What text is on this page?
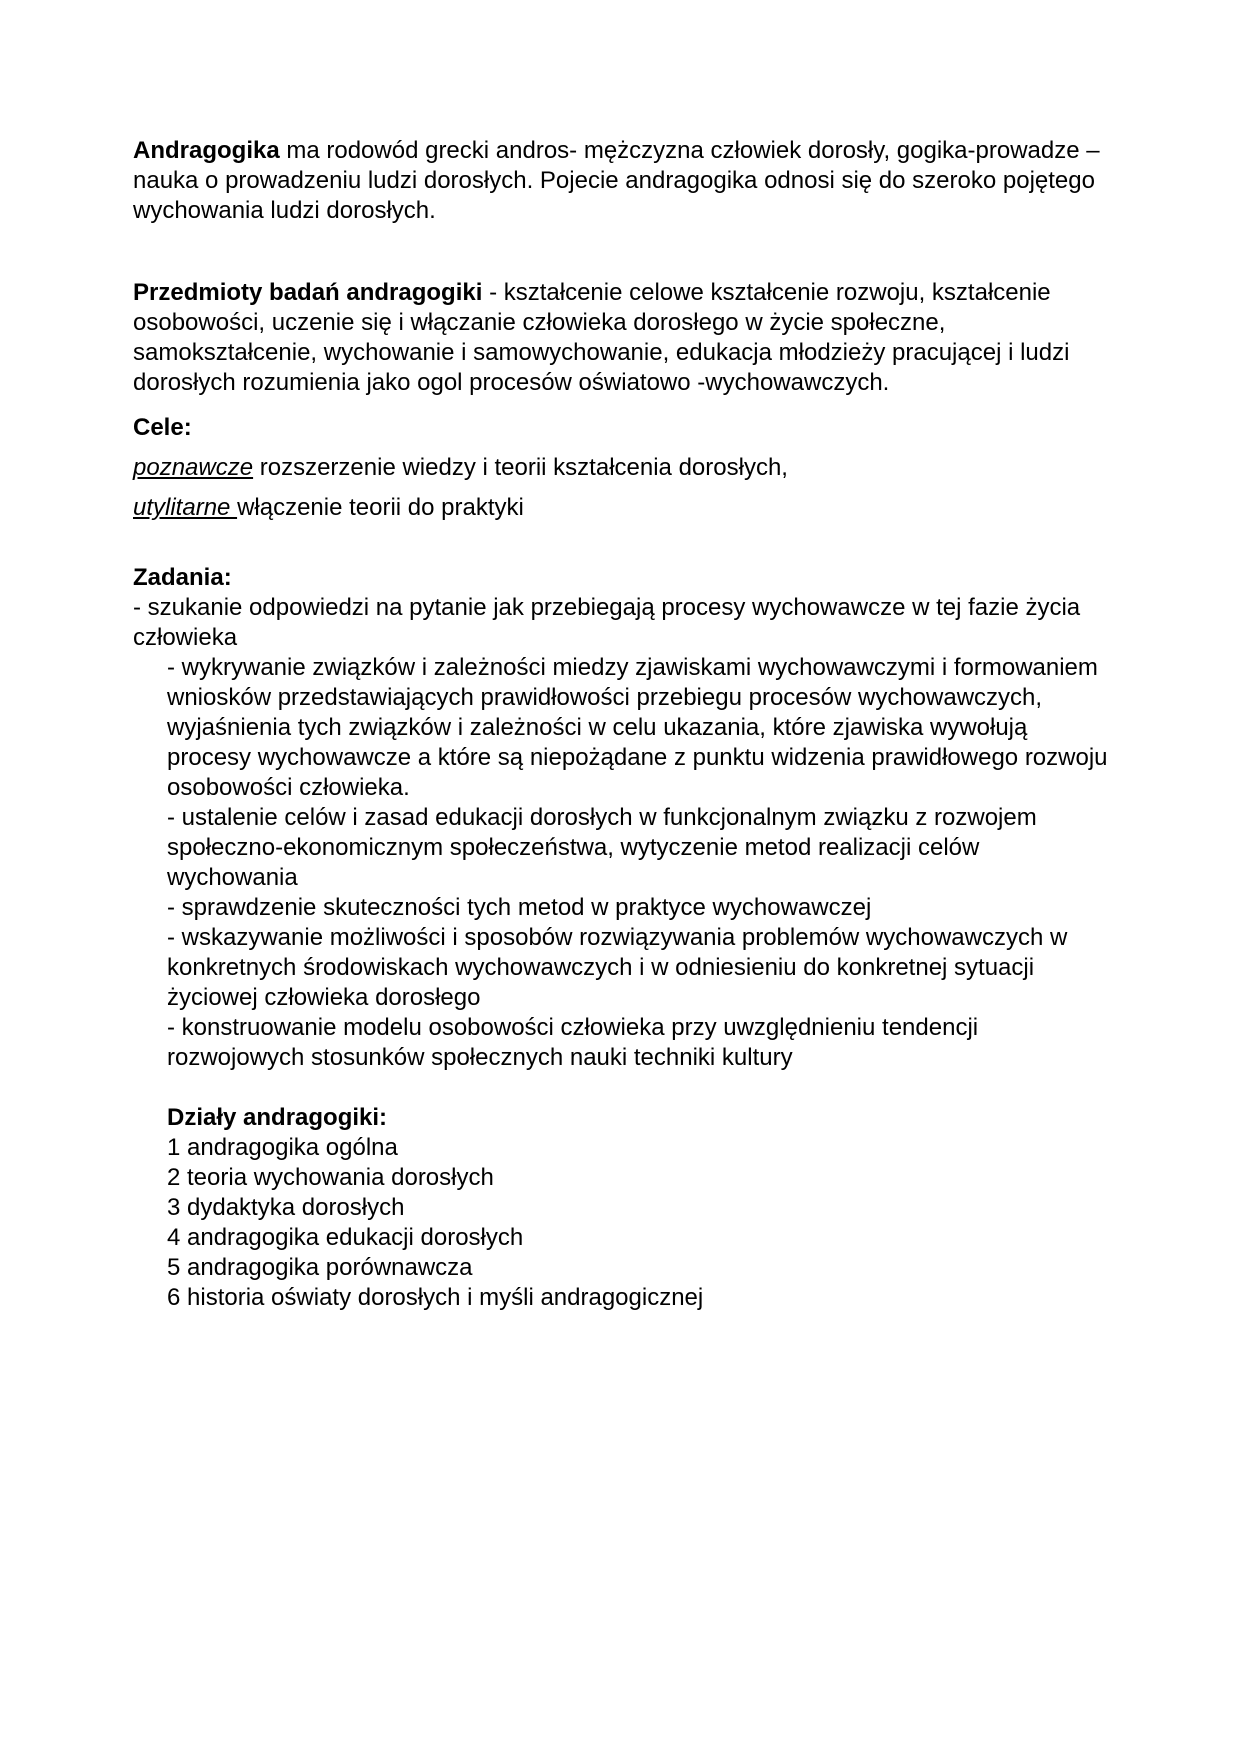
Andragogika ma rodowód grecki andros- mężczyzna człowiek dorosły, gogika-prowadze – nauka o prowadzeniu ludzi dorosłych. Pojecie andragogika odnosi się do szeroko pojętego wychowania ludzi dorosłych.

Przedmioty badań andragogiki - kształcenie celowe kształcenie rozwoju, kształcenie osobowości, uczenie się i włączanie człowieka dorosłego w życie społeczne, samokształcenie, wychowanie i samowychowanie, edukacja młodzieży pracującej i ludzi dorosłych rozumienia jako ogol procesów oświatowo -wychowawczych.

Cele:

poznawcze rozszerzenie wiedzy i teorii kształcenia dorosłych,

utylitarne włączenie teorii do praktyki

Zadania:

- szukanie odpowiedzi na pytanie jak przebiegają procesy wychowawcze w tej fazie życia człowieka

- wykrywanie związków i zależności miedzy zjawiskami wychowawczymi i formowaniem wniosków przedstawiających prawidłowości przebiegu procesów wychowawczych, wyjaśnienia tych związków i zależności w celu ukazania, które zjawiska wywołują procesy wychowawcze a które są niepożądane z punktu widzenia prawidłowego rozwoju osobowości człowieka.
- ustalenie celów i zasad edukacji dorosłych w funkcjonalnym związku z rozwojem społeczno-ekonomicznym społeczeństwa, wytyczenie metod realizacji celów wychowania
- sprawdzenie skuteczności tych metod w praktyce wychowawczej
- wskazywanie możliwości i sposobów rozwiązywania problemów wychowawczych w konkretnych środowiskach wychowawczych i w odniesieniu do konkretnej sytuacji życiowej człowieka dorosłego
- konstruowanie modelu osobowości człowieka przy uwzględnieniu tendencji rozwojowych stosunków społecznych nauki techniki kultury
Działy andragogiki:
1 andragogika ogólna
2 teoria wychowania dorosłych
3 dydaktyka dorosłych
4 andragogika edukacji dorosłych
5 andragogika porównawcza
6 historia oświaty dorosłych i myśli andragogicznej
